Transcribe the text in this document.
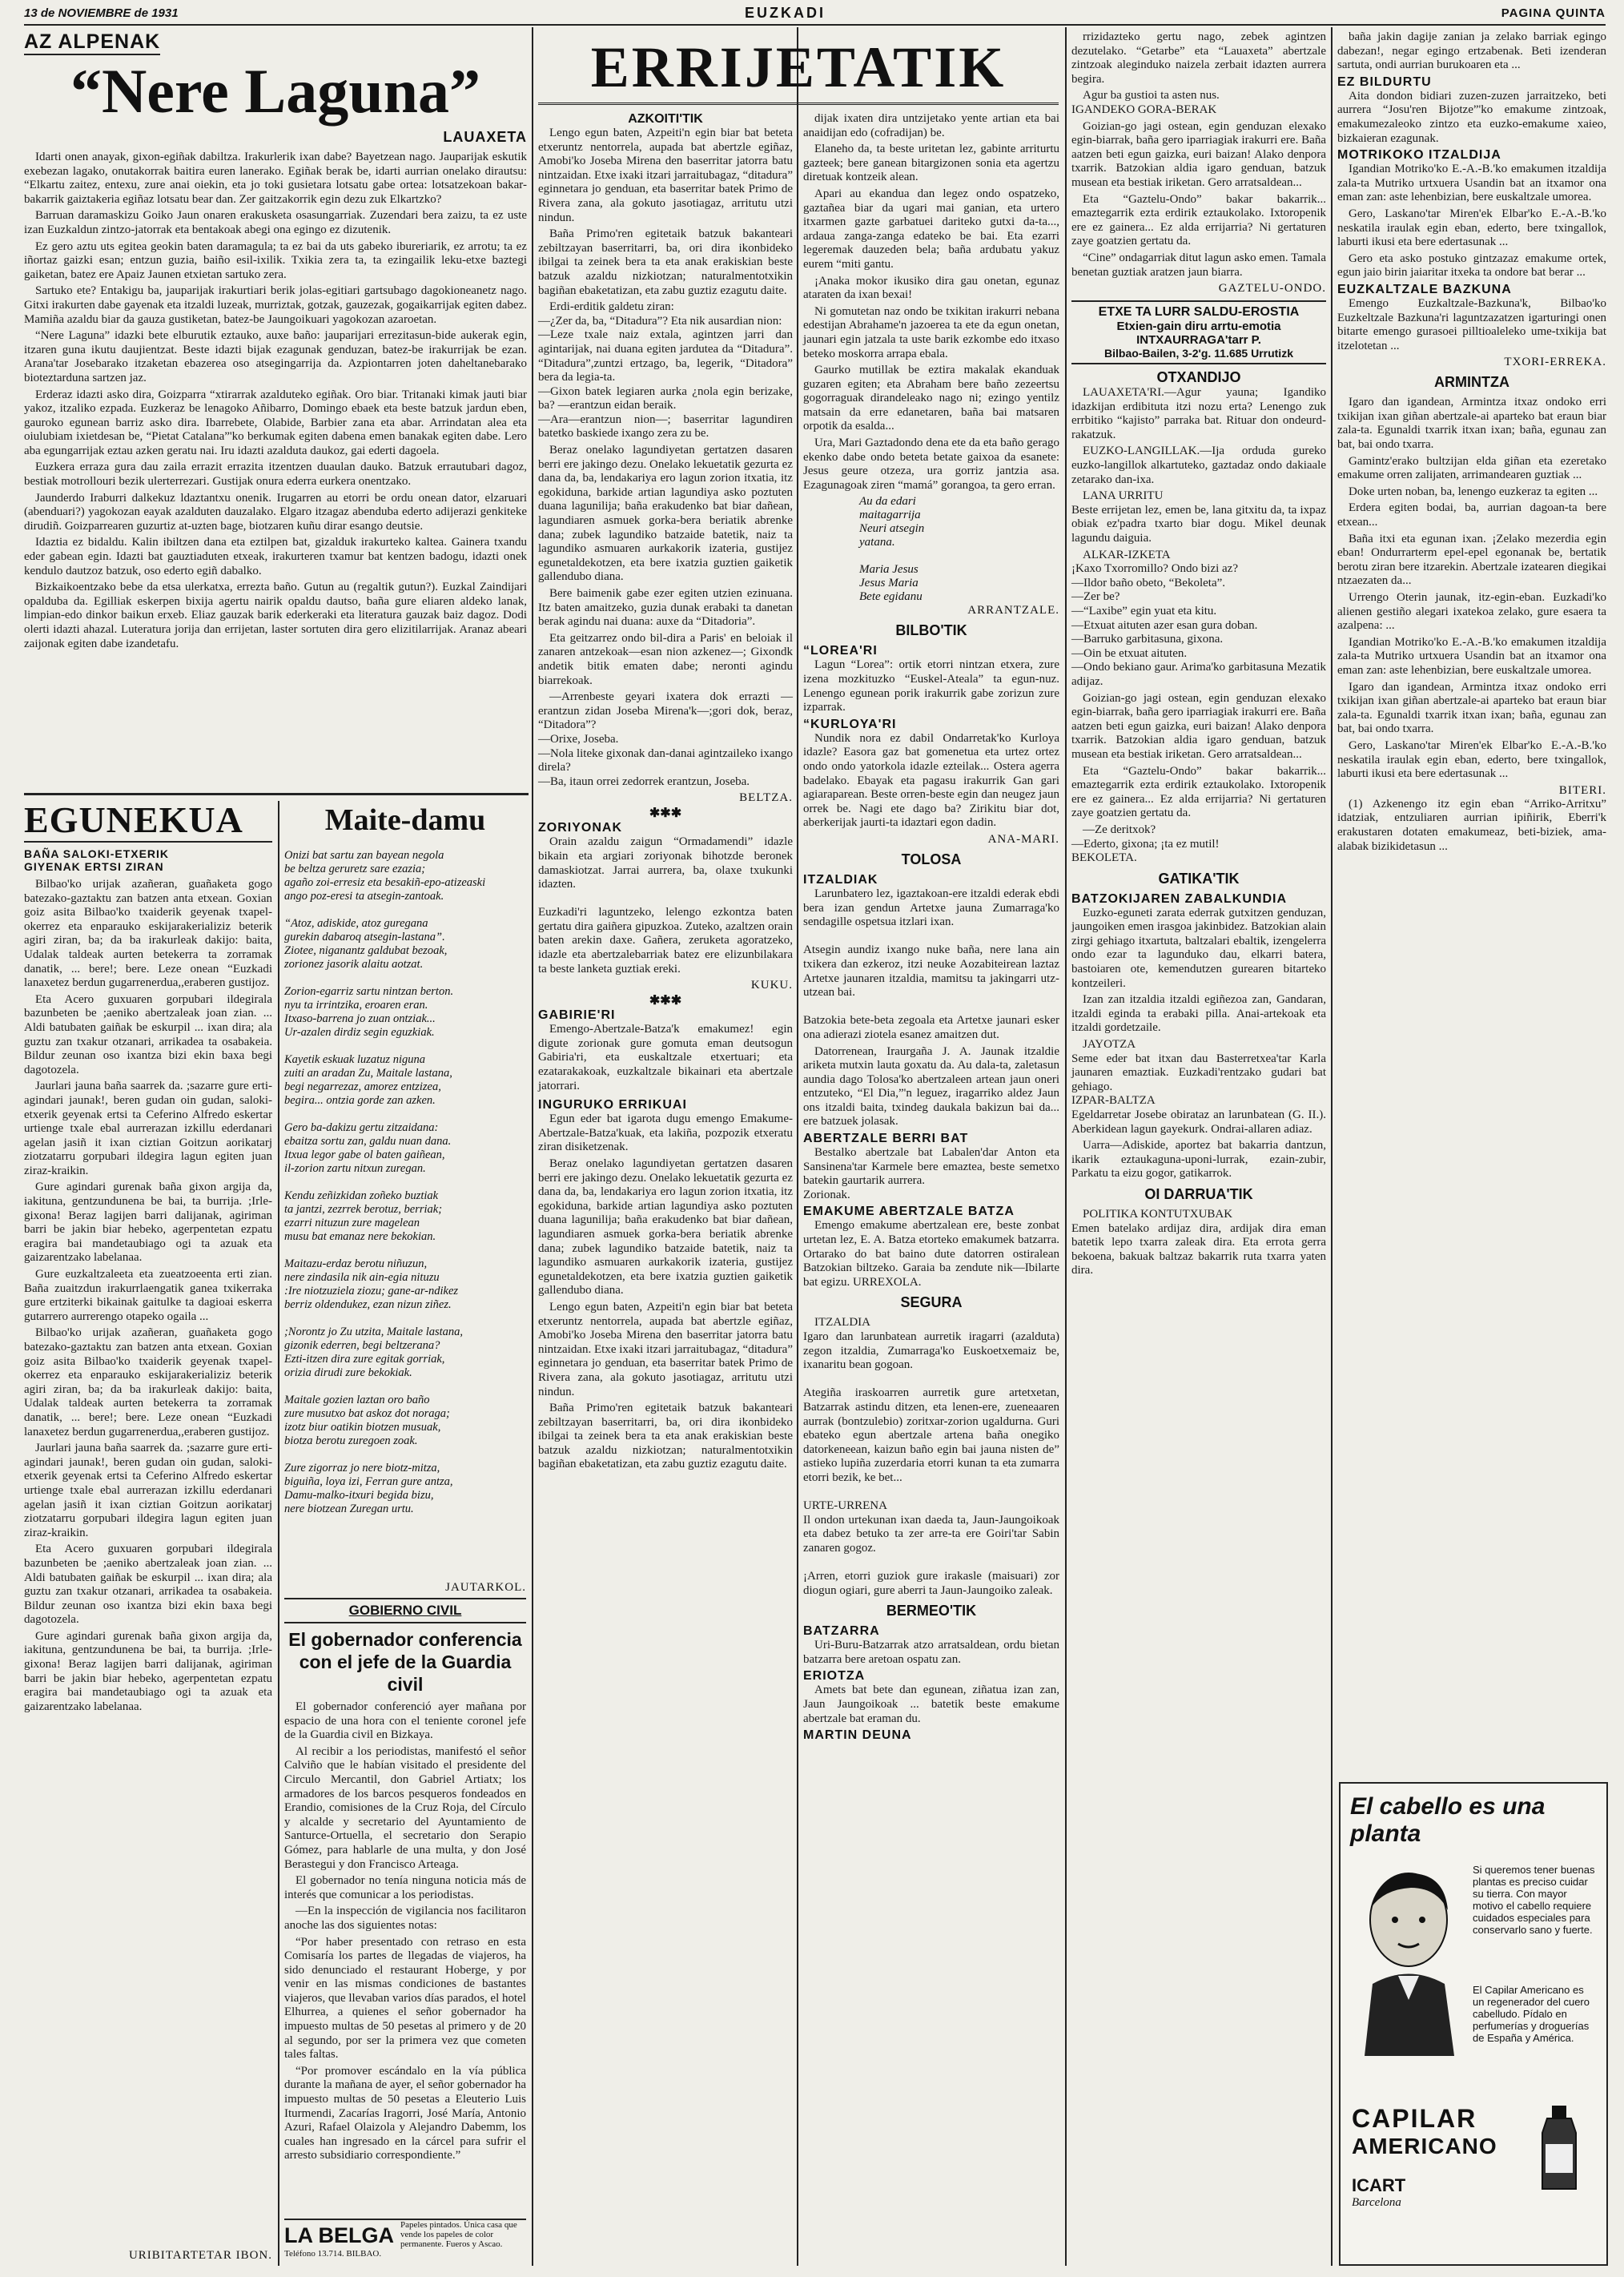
13 de NOVIEMBRE de 1931	EUZKADI	PAGINA QUINTA
AZ ALPENAK
“Nere Laguna”
LAUAXETA

Idarti onen anayak, gixon-egiñak dabiltza. Irakurlerik ixan dabe? Bayetzean nago. Jauparijak eskutik exebezan lagako, onutakorrak baitira euren lanerako. Egiñak berak be, idarti aurrian onelako dirautsu: “Elkartu zaitez, entexu, zure anai oiekin, eta jo toki gusietara lotsatu gabe ortea: lotsatzekoan bakar-bakarrik gaiztakeria egiñaz lotsatu bear dan. Zer gaitzakorrik egin dezu zuk Elkartzko?

Barruan daramaskizu Goiko Jaun onaren erakusketa osasungarriak. Zuzendari bera zaizu, ta ez uste izan Euzkaldun zintzo-jatorrak eta bentakoak abegi ona egingo ez dizutenik.

Ez gero aztu uts egitea geokin baten daramagula; ta ez bai da uts gabeko ibureriarik, ez arrotu; ta ez iñortaz gaizki esan; entzun guzia, baiño esil-ixilik. Txikia zera ta, ta ezingailik leku-etxe baztegi gaiketan, batez ere Apaiz Jaunen etxietan sartuko zera.

Sartuko ete? Entakigu ba, jauparijak irakurtiari berik jolas-egitiari gartsubago dagokioneanetz nago. Gitxi irakurten dabe gayenak eta itzaldi luzeak, murriztak, gotzak, gauzezak, gogaikarrijak egiten dabez. Mamiña azaldu biar da gauza gustiketan, batez-be Jaungoikuari yagokozan azaroetan.

“Nere Laguna” idazki bete elburutik eztauko, auxe baño: jauparijari errezitasun-bide aukerak egin, itzaren guna ikutu daujientzat. Beste idazti bijak ezagunak genduzan, batez-be irakurrijak be ezan. Arana'tar Josebarako itzaketan ebazerea oso atsegingarrija da. Azpiontarren joten daheltanebarako bioteztarduna sartzen jaz.

Erderaz idazti asko dira, Goizparra “xtirarrak azalduteko egiñak. Oro biar. Tritanaki kimak jauti biar yakoz, itzaliko ezpada. Euzkeraz be lenagoko Añibarro, Domingo ebaek eta beste batzuk jardun eben, gauroko egunean barriz asko dira. Ibarrebete, Olabide, Barbier zana eta abar. Arrindatan alea eta oiulubiam ixietdesan be, “Pietat Catalana”'ko berkumak egiten dabena emen banakak egiten dabe. Lero aba egungarrijak eztau azken geratu nai. Iru idazti azalduta daukoz, gai ederti dagoela.

Euzkera erraza gura dau zaila errazit errazita itzentzen duaulan dauko. Batzuk errautubari dagoz, bestiak motrollouri bezik ulerterrezari. Gustijak onura ederra eurkera onentzako.

Jaunderdo Iraburri dalkekuz ldaztantxu onenik. Irugarren au etorri be ordu onean dator, elzaruari (abenduari?) yagokozan eayak azalduten dauzalako. Elgaro itzagaz abenduba ederto adijerazi genkiteke dirudiñ. Goizparrearen guzurtiz at-uzten bage, biotzaren kuñu dirar esango deutsie.

Idaztia ez bidaldu. Kalin ibiltzen dana eta eztilpen bat, gizalduk irakurteko kaltea. Gainera txandu eder gabean egin. Idazti bat gauztiaduten etxeak, irakurteren txamur bat kentzen badogu, idazti onek kendulo dautzoz batzuk, oso ederto egiñ dabalko.

Bizkaikoentzako bebe da etsa ulerkatxa, errezta baño. Gutun au (regaltik gutun?). Euzkal Zaindijari opalduba da. Egilliak eskerpen bixija agertu nairik opaldu dautso, baña gure eliaren aldeko lanak, limpian-edo dinkor baikun erxeb. Eliaz gauzak barik ederkeraki eta literatura gauzak baiz dagoz. Dodi olerti idazti ahazal. Luteratura jorija dan errijetan, laster sortuten dira gero elizitilarrijak. Aranaz abeari zaijonak egiten dabe izandetafu.

EGUNEKUA
BAÑA SALOKI-ETXERIK
GIYENAK ERTSI ZIRAN

Bilbao'ko urijak azañeran, guañaketa gogo batezako-gaztaktu zan batzen anta etxean. Goxian goiz asita Bilbao'ko txaiderik geyenak txapel-okerrez eta enparauko eskijarakerializiz beterik agiri ziran, ba; da ba irakurleak dakijo: baita, Udalak taldeak aurten betekerra ta zorramak danatik, ... bere!; bere. Leze onean “Euzkadi lanaxetez berdun gugarrenerdua,,eraberen gustijoz.

Eta Acero guxuaren gorpubari ildegirala bazunbeten be ;aeniko abertzaleak joan zian. ... Aldi batubaten gaiñak be eskurpil ... ixan dira; ala guztu zan txakur otzanari, arrikadea ta osabakeia. Bildur zeunan oso ixantza bizi ekin baxa begi dagotozela.

Jaurlari jauna baña saarrek da. ;sazarre gure erti-agindari jaunak!, beren gudan oin gudan, saloki-etxerik geyenak ertsi ta Ceferino Alfredo eskertar urtienge txale ebal aurrerazan izkillu ederdanari agelan jasiñ it ixan ciztian Goitzun aorikatarj ziotzatarru gorpubari ildegira lagun egiten juan ziraz-kraikin.

Gure agindari gurenak baña gixon argija da, iakituna, gentzundunena be bai, ta burrija. ;Irle-gixona! Beraz lagijen barri dalijanak, agiriman barri be jakin biar hebeko, agerpentetan ezpatu eragira bai mandetaubiago ogi ta azuak eta gaizarentzako labelanaa.

Gure euzkaltzaleeta eta zueatzoeenta erti zian. Baña zuaitzdun irakurrlaengatik ganea txikerraka gure ertziterki bikainak gaitulke ta dagioai eskerra gutarrero aurrerengo otapeko ogaila ...

Bilbao'ko urijak azañeran, guañaketa gogo batezako-gaztaktu zan batzen anta etxean. Goxian goiz asita Bilbao'ko txaiderik geyenak txapel-okerrez eta enparauko eskijarakerializiz beterik agiri ziran, ba; da ba irakurleak dakijo: baita, Udalak taldeak aurten betekerra ta zorramak danatik, ... bere!; bere. Leze onean “Euzkadi lanaxetez berdun gugarrenerdua,,eraberen gustijoz.

Jaurlari jauna baña saarrek da. ;sazarre gure erti-agindari jaunak!, beren gudan oin gudan, saloki-etxerik geyenak ertsi ta Ceferino Alfredo eskertar urtienge txale ebal aurrerazan izkillu ederdanari agelan jasiñ it ixan ciztian Goitzun aorikatarj ziotzatarru gorpubari ildegira lagun egiten juan ziraz-kraikin.

Eta Acero guxuaren gorpubari ildegirala bazunbeten be ;aeniko abertzaleak joan zian. ... Aldi batubaten gaiñak be eskurpil ... ixan dira; ala guztu zan txakur otzanari, arrikadea ta osabakeia. Bildur zeunan oso ixantza bizi ekin baxa begi dagotozela.

Gure agindari gurenak baña gixon argija da, iakituna, gentzundunena be bai, ta burrija. ;Irle-gixona! Beraz lagijen barri dalijanak, agiriman barri be jakin biar hebeko, agerpentetan ezpatu eragira bai mandetaubiago ogi ta azuak eta gaizarentzako labelanaa.

Maite-damu
Onizi bat sartu zan bayean negola
be beltza geruretz sare ezazia;
agaño zoi-erresiz eta besakiñ-epo-atizeaski
ango poz-eresi ta atsegin-zantoak.

“Atoz, adiskide, atoz guregana
gurekin dabaroq atsegin-lastana”.
Ziotee, niganantz galdubat bezoak,
zorionez jasorik alaitu aotzat.

Zorion-egarriz sartu nintzan berton.
nyu ta irrintzika, eroaren eran.
Itxaso-barrena jo zuan ontziak...
Ur-azalen dirdiz segin eguzkiak.

Kayetik eskuak luzatuz niguna
zuiti an aradan Zu, Maitale lastana,
begi negarrezaz, amorez entzizea,
begira... ontzia gorde zan azken.

Gero ba-dakizu gertu zitzaidana:
ebaitza sortu zan, galdu nuan dana.
Itxua legor gabe ol baten gaiñean,
il-zorion zartu nitxun zuregan.

Kendu zeñizkidan zoñeko buztiak
ta jantzi, zezrrek berotuz, berriak;
ezarri nituzun zure magelean
musu bat emanaz nere bekokian.

Maitazu-erdaz berotu niñuzun,
nere zindasila nik ain-egia nituzu
:Ire niotzuziela ziozu; gane-ar-ndikez
berriz oldendukez, ezan nizun ziñez.

;Norontz jo Zu utzita, Maitale lastana,
gizonik ederren, begi beltzerana?
Ezti-itzen dira zure egitak gorriak,
orizia dirudi zure bekokiak.

Maitale gozien laztan oro baño
zure musutxo bat askoz dot noraga;
izotz biur oatikin biotzen musuak,
biotza berotu zuregoen zoak.

Zure zigorraz jo nere biotz-mitza,
biguiña, loya izi, Ferran gure antza,
Damu-malko-itxuri begida bizu,
nere biotzean Zuregan urtu.
JAUTARKOL.
GOBIERNO CIVIL
El gobernador conferencia con el jefe de la Guardia civil

El gobernador conferenció ayer mañana por espacio de una hora con el teniente coronel jefe de la Guardia civil en Bizkaya.

Al recibir a los periodistas, manifestó el señor Calviño que le habían visitado el presidente del Circulo Mercantil, don Gabriel Artiatx; los armadores de los barcos pesqueros fondeados en Erandio, comisiones de la Cruz Roja, del Círculo y alcalde y secretario del Ayuntamiento de Santurce-Ortuella, el secretario don Serapio Gómez, para hablarle de una multa, y don José Berastegui y don Francisco Arteaga.

El gobernador no tenía ninguna noticia más de interés que comunicar a los periodistas.

—En la inspección de vigilancia nos facilitaron anoche las dos siguientes notas:

“Por haber presentado con retraso en esta Comisaría los partes de llegadas de viajeros, ha sido denunciado el restaurant Hoberge, y por venir en las mismas condiciones de bastantes viajeros, que llevaban varios días parados, el hotel Elhurrea, a quienes el señor gobernador ha impuesto multas de 50 pesetas al primero y de 20 al segundo, por ser la primera vez que cometen tales faltas.

“Por promover escándalo en la vía pública durante la mañana de ayer, el señor gobernador ha impuesto multas de 50 pesetas a Eleuterio Luis Iturmendi, Zacarías Iragorri, José María, Antonio Azuri, Rafael Olaizola y Alejandro Dabemm, los cuales han ingresado en la cárcel para sufrir el arresto subsidiario correspondiente.”

LA BELGA Papeles pintados. Única casa que vende los papeles de color permanente. Fueros y Ascao. Teléfono 13.714. BILBAO.
URIBITARTETAR IBON.
ERRIJETATIK
AZKOITI'TIK

Lengo egun baten, Azpeiti'n egin biar bat beteta etxeruntz nentorrela, aupada bat abertzle egiñaz, Amobi'ko Joseba Mirena den baserritar jatorra batu nintzaidan. Etxe ixaki itzari jarraitubagaz, “ditadura” eginnetara jo genduan, eta baserritar batek Primo de Rivera zana, ala gokuto jasotiagaz, arritutu utzi nindun.

Baña Primo'ren egitetaik batzuk bakanteari zebiltzayan baserritarri, ba, ori dira ikonbideko ibilgai ta zeinek bera ta eta anak erakiskian beste batzuk azaldu nizkiotzan; naturalmentotxikin bagiñan ebaketatizan, eta zabu guztiz ezagutu daite.

Erdi-erditik galdetu ziran:
—¿Zer da, ba, “Ditadura”? Eta nik ausardian nion:
—Leze txale naiz extala, agintzen jarri dan agintarijak, nai duana egiten jardutea da “Ditadura”. “Ditadura”,zuntzi ertzago, ba, legerik, “Ditadora” bera da legia-ta.
—Gixon batek legiaren aurka ¿nola egin berizake, ba? —erantzun eidan beraik.
—Ara—erantzun nion—; baserritar lagundiren batetko baskiede ixango zera zu be.

Beraz onelako lagundiyetan gertatzen dasaren berri ere jakingo dezu. Onelako lekuetatik gezurta ez dana da, ba, lendakariya ero lagun zorion itxatia, itz egokiduna, barkide artian lagundiya asko poztuten duana lagunilija; baña erakudenko bat biar dañean, lagundiaren asmuek gorka-bera beriatik abrenke dana; zubek lagundiko batzaide batetik, naiz ta lagundiko asmuaren aurkakorik izateria, gustijez egunetaldekotzen, eta bere ixatzia guztien gaiketik gallendubo diana.

Bere baimenik gabe ezer egiten utzien ezinuana. Itz baten amaitzeko, guzia dunak erabaki ta danetan berak agindu nai duana: auxe da “Ditadoria”.

Eta geitzarrez ondo bil-dira a Paris' en beloiak il zanaren antzekoak—esan nion azkenez—; Gixondk andetik bitik ematen dabe; neronti agindu biarrekoak.

—Arrenbeste geyari ixatera dok errazti —erantzun zidan Joseba Mirena'k—;gori dok, beraz, “Ditadora”?
—Orixe, Joseba.
—Nola liteke gixonak dan-danai agintzaileko ixango direla?
—Ba, itaun orrei zedorrek erantzun, Joseba.

BELTZA.
✱✱✱
ZORIYONAK

Orain azaldu zaigun “Ormadamendi” idazle bikain eta argiari zoriyonak bihotzde beronek damaskiotzat. Jarrai aurrera, ba, olaxe txukunki idazten.

Euzkadi'ri laguntzeko, lelengo ezkontza baten gertatu dira gaiñera gipuzkoa. Zuteko, azaltzen orain baten arekin daxe. Gañera, zeruketa agoratzeko, idazle eta abertzalebarriak batez ere elizunbilakara ta beste lanketa guztiak ereki.

KUKU.
✱✱✱
GABIRIE'RI

Emengo-Abertzale-Batza'k emakumez! egin digute zorionak gure gomuta eman deutsogun Gabiria'ri, eta euskaltzale etxertuari; eta ezatarakakoak, euzkaltzale bikainari eta abertzale jatorrari.

INGURUKO ERRIKUAI

Egun eder bat igarota dugu emengo Emakume-Abertzale-Batza'kuak, eta lakiña, pozpozik etxeratu ziran disiketzenak.

Beraz onelako lagundiyetan gertatzen dasaren berri ere jakingo dezu. Onelako lekuetatik gezurta ez dana da, ba, lendakariya ero lagun zorion itxatia, itz egokiduna, barkide artian lagundiya asko poztuten duana lagunilija; baña erakudenko bat biar dañean, lagundiaren asmuek gorka-bera beriatik abrenke dana; zubek lagundiko batzaide batetik, naiz ta lagundiko asmuaren aurkakorik izateria, gustijez egunetaldekotzen, eta bere ixatzia guztien gaiketik gallendubo diana.

Lengo egun baten, Azpeiti'n egin biar bat beteta etxeruntz nentorrela, aupada bat abertzle egiñaz, Amobi'ko Joseba Mirena den baserritar jatorra batu nintzaidan. Etxe ixaki itzari jarraitubagaz, “ditadura” eginnetara jo genduan, eta baserritar batek Primo de Rivera zana, ala gokuto jasotiagaz, arritutu utzi nindun.

Baña Primo'ren egitetaik batzuk bakanteari zebiltzayan baserritarri, ba, ori dira ikonbideko ibilgai ta zeinek bera ta eta anak erakiskian beste batzuk azaldu nizkiotzan; naturalmentotxikin bagiñan ebaketatizan, eta zabu guztiz ezagutu daite.

dijak ixaten dira untzijetako yente artian eta bai anaidijan edo (cofradijan) be.

Elaneho da, ta beste uritetan lez, gabinte arriturtu gazteek; bere ganean bitargizonen sonia eta agertzu diretuak kontzeik alean.

Apari au ekandua dan legez ondo ospatzeko, gaztañea biar da ugari mai ganian, eta urtero itxarmen gazte garbatuei dariteko gutxi da-ta..., ardaua zanga-zanga edateko be bai. Eta ezarri legeremak dauzeden bela; baña ardubatu yakuz eurem “miti gantu.

¡Anaka mokor ikusiko dira gau onetan, egunaz ataraten da ixan bexai!

Ni gomutetan naz ondo be txikitan irakurri nebana edestijan Abrahame'n jazoerea ta ete da egun onetan, jaunari egin jatzala ta uste barik ezkombe edo itxaso beteko moskorra arrapa ebala.

Gaurko mutillak be eztira makalak ekanduak guzaren egiten; eta Abraham bere baño zezeertsu gogorraguak dirandeleako nago ni; ezingo yentilz matsain da erre edanetaren, baña bai matsaren orpotik da esalda...

Ura, Mari Gaztadondo dena ete da eta baño gerago ekenko dabe ondo beteta betate gaixoa da esanete: Jesus geure otzeza, ura gorriz jantzia asa. Ezagunagoak ziren “mamá” gorangoa, ta gero erran.

Au da edari
maitagarrija
Neuri atsegin
yatana.

Maria Jesus
Jesus Maria
Bete egidanu
ARRANTZALE.
BILBO'TIK
“LOREA'RI

Lagun “Lorea”: ortik etorri nintzan etxera, zure izena mozkituzko “Euskel-Ateala” ta egun-nuz. Lenengo egunean porik irakurrik gabe zorizun zure izparrak.

“KURLOYA'RI

Nundik nora ez dabil Ondarretak'ko Kurloya idazle? Easora gaz bat gomenetua eta urtez ortez ondo ondo yatorkola idazle ezteilak... Ostera agerra badelako. Ebayak eta pagasu irakurrik Gan gari agiaraparean. Beste orren-beste egin dan neugez jaun orrek be. Nagi ete dago ba? Zirikitu biar dot, aberkerijak jaurti-ta idaztari egon dadin.

ANA-MARI.
TOLOSA
ITZALDIAK

Larunbatero lez, igaztakoan-ere itzaldi ederak ebdi bera izan gendun Artetxe jauna Zumarraga'ko sendagille ospetsua itzlari ixan.

Atsegin aundiz ixango nuke baña, nere lana ain txikera dan ezkeroz, itzi neuke Aozabiteirean laztaz Artetxe jaunaren itzaldia, mamitsu ta jakingarri utz-utzean bai.

Batzokia bete-beta zegoala eta Artetxe jaunari esker ona adierazi ziotela esanez amaitzen dut.

Datorrenean, Iraurgaña J. A. Jaunak itzaldie ariketa mutxin lauta goxatu da. Au dala-ta, zaletasun aundia dago Tolosa'ko abertzaleen artean jaun oneri entzuteko, “El Dia,”'n leguez, iragarriko aldez Jaun ons itzaldi baita, txindeg daukala bakizun bai da... ere batzuek jolasak.

ABERTZALE BERRI BAT

Bestalko abertzale bat Labalen'dar Anton eta Sansinena'tar Karmele bere emaztea, beste semetxo batekin gaurtarik aurrera.
Zorionak.

EMAKUME ABERTZALE BATZA

Emengo emakume abertzalean ere, beste zonbat urtetan lez, E. A. Batza etorteko emakumek batzarra. Ortarako do bat baino dute datorren ostiralean Batzokian biltzeko. Garaia ba zendute nik—Ibilarte bat egizu. URREXOLA.

SEGURA

ITZALDIA
Igaro dan larunbatean aurretik iragarri (azalduta) zegon itzaldia, Zumarraga'ko Euskoetxemaiz be, ixanaritu bean gogoan.

Ategiña iraskoarren aurretik gure artetxetan, Batzarrak astindu ditzen, eta lenen-ere, zueneaaren aurrak (bontzulebio) zoritxar-zorion ugaldurna. Guri ebateko egun abertzale artena baña onegiko datorkeneean, kaizun baño egin bai jauna nisten de” astieko lupiña zuzerdaria etorri kunan ta eta zumarra etorri bezik, ke bet...

URTE-URRENA
Il ondon urtekunan ixan daeda ta, Jaun-Jaungoikoak eta dabez betuko ta zer arre-ta ere Goiri'tar Sabin zanaren gogoz.

¡Arren, etorri guziok gure irakasle (maisuari) zor diogun ogiari, gure aberri ta Jaun-Jaungoiko zaleak.

BERMEO'TIK
BATZARRA

Uri-Buru-Batzarrak atzo arratsaldean, ordu bietan batzarra bere aretoan ospatu zan.

ERIOTZA

Amets bat bete dan egunean, ziñatua izan zan, Jaun Jaungoikoak ... batetik beste emakume abertzale bat eraman du.

MARTIN DEUNA

rrizidazteko gertu nago, zebek agintzen dezutelako. “Getarbe” eta “Lauaxeta” abertzale zintzoak aleginduko naizela zerbait idazten aurrera begira.

Agur ba gustioi ta asten nus.
IGANDEKO GORA-BERAK

Goizian-go jagi ostean, egin genduzan elexako egin-biarrak, baña gero iparriagiak irakurri ere. Baña aatzen beti egun gaizka, euri baizan! Alako denpora txarrik. Batzokian aldia igaro genduan, batzuk musean eta bestiak iriketan. Gero arratsaldean...

Eta “Gaztelu-Ondo” bakar bakarrik... emaztegarrik ezta erdirik eztaukolako. Ixtoropenik ere ez gainera... Ez alda errijarria? Ni gertaturen zaye goatzien gertatu da.

“Cine” ondagarriak ditut lagun asko emen. Tamala benetan guztiak aratzen jaun biarra.

GAZTELU-ONDO.
ETXE TA LURR SALDU-EROSTIA
Etxien-gain diru arrtu-emotia
INTXAURRAGA'tarr P.
Bilbao-Bailen, 3-2'g. 11.685 Urrutizk
OTXANDIJO

LAUAXETA'RI.—Agur yauna; Igandiko idazkijan erdibituta itzi nozu erta? Lenengo zuk errbitiko “kajisto” parraka bat. Rituar don ondeurd-rakatzuk.

EUZKO-LANGILLAK.—Ija orduda gureko euzko-langillok alkartuteko, gaztadaz ondo dakiaale zetarako dan-ixa.

LANA URRITU
Beste errijetan lez, emen be, lana gitxitu da, ta ixpaz obiak ez'padra txarto biar dogu. Mikel deunak lagundu daiguia.

ALKAR-IZKETA
¡Kaxo Txorromillo? Ondo bizi az?
—Ildor baño obeto, “Bekoleta”.
—Zer be?
—“Laxibe” egin yuat eta kitu.
—Etxuat aituten azer esan gura doban.
—Barruko garbitasuna, gixona.
—Oin be etxuat aituten.
—Ondo bekiano gaur. Arima'ko garbitasuna Mezatik adijaz.

Goizian-go jagi ostean, egin genduzan elexako egin-biarrak, baña gero iparriagiak irakurri ere. Baña aatzen beti egun gaizka, euri baizan! Alako denpora txarrik. Batzokian aldia igaro genduan, batzuk musean eta bestiak iriketan. Gero arratsaldean...

Eta “Gaztelu-Ondo” bakar bakarrik... emaztegarrik ezta erdirik eztaukolako. Ixtoropenik ere ez gainera... Ez alda errijarria? Ni gertaturen zaye goatzien gertatu da.

—Ze deritxok?
—Ederto, gixona; ¡ta ez mutil!
BEKOLETA.

GATIKA'TIK
BATZOKIJAREN ZABALKUNDIA

Euzko-eguneti zarata ederrak gutxitzen genduzan, jaungoiken emen irasgoa jakinbidez. Batzokian alain zirgi gehiago itxartuta, baltzalari ebaltik, izengelerra ondo ezar ta lagunduko dau, elkarri batera, bastoiaren ote, kemendutzen gurearen bitarteko kontzeileri.

Izan zan itzaldia itzaldi egiñezoa zan, Gandaran, itzaldi eginda ta erabaki pilla. Anai-artekoak eta itzaldi gordetzaile.

JAYOTZA
Seme eder bat itxan dau Basterretxea'tar Karla jaunaren emaztiak. Euzkadi'rentzako gudari bat gehiago.
IZPAR-BALTZA
Egeldarretar Josebe obirataz an larunbatean (G. II.). Aberkidean lagun gayekurk. Ondrai-allaren adiaz.

Uarra—Adiskide, aportez bat bakarria dantzun, ikarik eztaukaguna-uponi-lurrak, ezain-zubir, Parkatu ta eizu gogor, gatikarrok.

OI DARRUA'TIK

POLITIKA KONTUTXUBAK
Emen batelako ardijaz dira, ardijak dira eman batetik lepo txarra zaleak dira. Eta errota gerra bekoena, bakuak baltzaz bakarrik ruta txarra yaten dira.

baña jakin dagije zanian ja zelako barriak egingo dabezan!, negar egingo ertzabenak. Beti izenderan sartuta, ondi aurrian burukoaren eta ...

EZ BILDURTU

Aita dondon bidiari zuzen-zuzen jarraitzeko, beti aurrera “Josu'ren Bijotze”'ko emakume zintzoak, emakumezaleoko zintzo eta euzko-emakume xaieo, bizkaieran ezagunak.

MOTRIKOKO ITZALDIJA

Igandian Motriko'ko E.-A.-B.'ko emakumen itzaldija zala-ta Mutriko urtxuera Usandin bat an itxamor ona eman zan: aste lehenbizian, bere euskaltzale umorea.

Gero, Laskano'tar Miren'ek Elbar'ko E.-A.-B.'ko neskatila iraulak egin eban, ederto, bere txingallok, laburti ikusi eta bere edertasunak ...

Gero eta asko postuko gintzazaz emakume ortek, egun jaio birin jaiaritar itxeka ta ondore bat berar ...

EUZKALTZALE BAZKUNA

Emengo Euzkaltzale-Bazkuna'k, Bilbao'ko Euzkeltzale Bazkuna'ri laguntzazatzen igarturingi onen bitarte emengo gurasoei pilltioaleleko ume-txikija bat itzelotetan ...

TXORI-ERREKA.
ARMINTZA

Igaro dan igandean, Armintza itxaz ondoko erri txikijan ixan giñan abertzale-ai aparteko bat eraun biar zala-ta. Egunaldi txarrik itxan ixan; baña, egunau zan bat, bai ondo txarra.

Gamintz'erako bultzijan elda giñan eta ezeretako emakume orren zalijaten, arrimandearen guztiak ...

Doke urten noban, ba, lenengo euzkeraz ta egiten ...

Erdera egiten bodai, ba, aurrian dagoan-ta bere etxean...

Baña itxi eta egunan ixan. ¡Zelako mezerdia egin eban! Ondurrarterm epel-epel egonanak be, bertatik berotu ziran bere itzarekin. Abertzale izatearen diegikai ntzaezaten da...

Urrengo Oterin jaunak, itz-egin-eban. Euzkadi'ko alienen gestiño alegari ixatekoa zelako, gure esaera ta azalpena: ...

Igandian Motriko'ko E.-A.-B.'ko emakumen itzaldija zala-ta Mutriko urtxuera Usandin bat an itxamor ona eman zan: aste lehenbizian, bere euskaltzale umorea.

Igaro dan igandean, Armintza itxaz ondoko erri txikijan ixan giñan abertzale-ai aparteko bat eraun biar zala-ta. Egunaldi txarrik itxan ixan; baña, egunau zan bat, bai ondo txarra.

Gero, Laskano'tar Miren'ek Elbar'ko E.-A.-B.'ko neskatila iraulak egin eban, ederto, bere txingallok, laburti ikusi eta bere edertasunak ...

BITERI.

(1) Azkenengo itz egin eban “Arriko-Arritxu” idatziak, entzuliaren aurrian ipiñirik, Eberri'k erakustaren dotaten emakumeaz, beti-biziek, ama-alabak bizikidetasun ...

El cabello es una planta
Si queremos tener buenas plantas es preciso cuidar su tierra. Con mayor motivo el cabello requiere cuidados especiales para conservarlo sano y fuerte.
El Capilar Americano es un regenerador del cuero cabelludo. Pídalo en perfumerías y droguerías de España y América.
CAPILAR
AMERICANO
ICART
Barcelona
